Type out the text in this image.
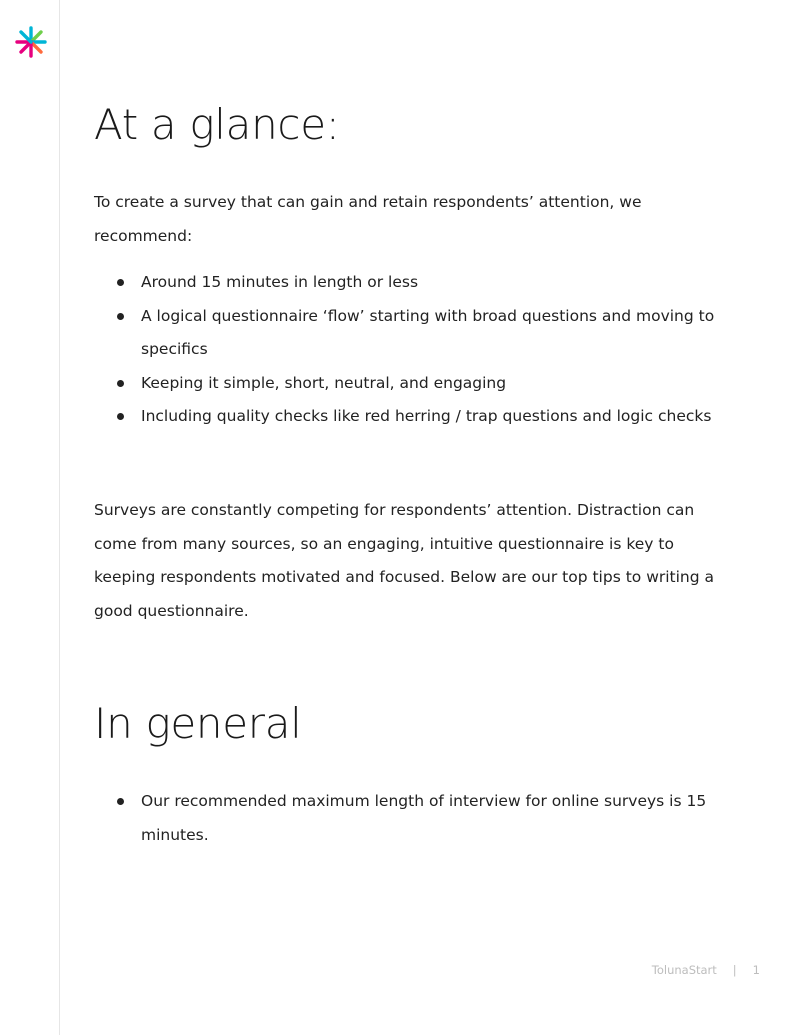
At a glance:

To create a survey that can gain and retain respondents’ attention, we recommend:

Around 15 minutes in length or less
A logical questionnaire ‘flow’ starting with broad questions and moving to specifics
Keeping it simple, short, neutral, and engaging
Including quality checks like red herring / trap questions and logic checks

Surveys are constantly competing for respondents’ attention. Distraction can come from many sources, so an engaging, intuitive questionnaire is key to keeping respondents motivated and focused. Below are our top tips to writing a good questionnaire.

In general
Our recommended maximum length of interview for online surveys is 15 minutes.
TolunaStart | 1
